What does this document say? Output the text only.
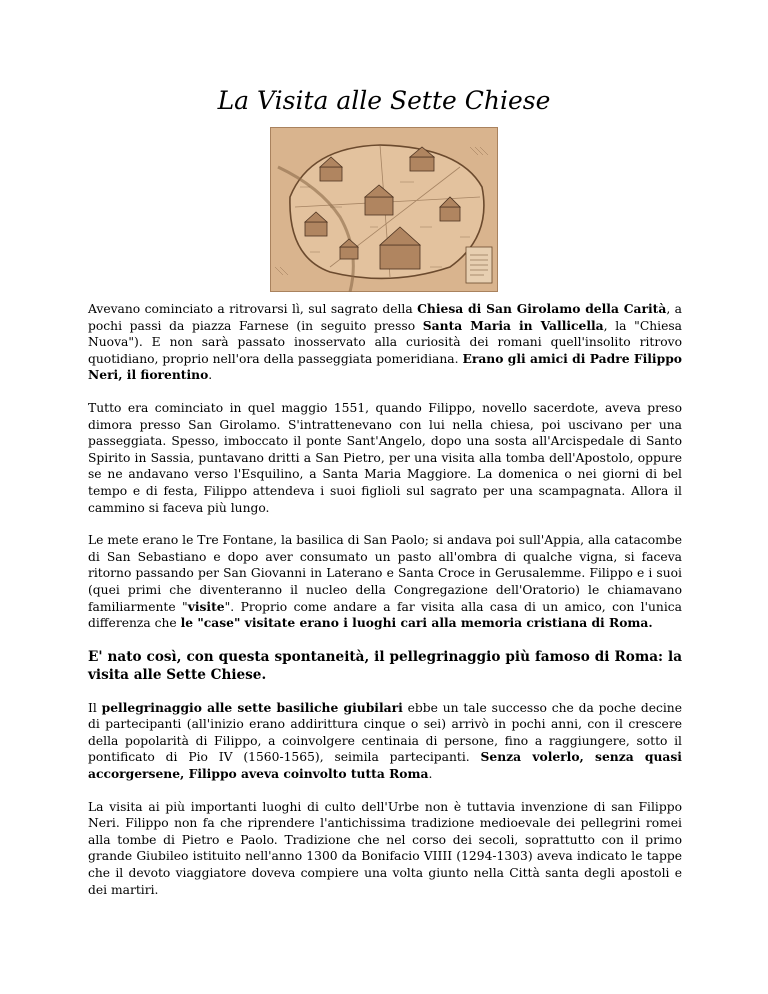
La Visita alle Sette Chiese

Avevano cominciato a ritrovarsi lì, sul sagrato della Chiesa di San Girolamo della Carità, a pochi passi da piazza Farnese (in seguito presso Santa Maria in Vallicella, la "Chiesa Nuova"). E non sarà passato inosservato alla curiosità dei romani quell'insolito ritrovo quotidiano, proprio nell'ora della passeggiata pomeridiana. Erano gli amici di Padre Filippo Neri, il fiorentino.

Tutto era cominciato in quel maggio 1551, quando Filippo, novello sacerdote, aveva preso dimora presso San Girolamo. S'intrattenevano con lui nella chiesa, poi uscivano per una passeggiata. Spesso, imboccato il ponte Sant'Angelo, dopo una sosta all'Arcispedale di Santo Spirito in Sassia, puntavano dritti a San Pietro, per una visita alla tomba dell'Apostolo, oppure se ne andavano verso l'Esquilino, a Santa Maria Maggiore. La domenica o nei giorni di bel tempo e di festa, Filippo attendeva i suoi figlioli sul sagrato per una scampagnata. Allora il cammino si faceva più lungo.

Le mete erano le Tre Fontane, la basilica di San Paolo; si andava poi sull'Appia, alla catacombe di San Sebastiano e dopo aver consumato un pasto all'ombra di qualche vigna, si faceva ritorno passando per San Giovanni in Laterano e Santa Croce in Gerusalemme. Filippo e i suoi (quei primi che diventeranno il nucleo della Congregazione dell'Oratorio) le chiamavano familiarmente "visite". Proprio come andare a far visita alla casa di un amico, con l'unica differenza che le "case" visitate erano i luoghi cari alla memoria cristiana di Roma.

E' nato così, con questa spontaneità, il pellegrinaggio più famoso di Roma: la visita alle Sette Chiese.

Il pellegrinaggio alle sette basiliche giubilari ebbe un tale successo che da poche decine di partecipanti (all'inizio erano addirittura cinque o sei) arrivò in pochi anni, con il crescere della popolarità di Filippo, a coinvolgere centinaia di persone, fino a raggiungere, sotto il pontificato di Pio IV (1560-1565), seimila partecipanti. Senza volerlo, senza quasi accorgersene, Filippo aveva coinvolto tutta Roma.

La visita ai più importanti luoghi di culto dell'Urbe non è tuttavia invenzione di san Filippo Neri. Filippo non fa che riprendere l'antichissima tradizione medioevale dei pellegrini romei alla tombe di Pietro e Paolo. Tradizione che nel corso dei secoli, soprattutto con il primo grande Giubileo istituito nell'anno 1300 da Bonifacio VIIII (1294-1303) aveva indicato le tappe che il devoto viaggiatore doveva compiere una volta giunto nella Città santa degli apostoli e dei martiri.
